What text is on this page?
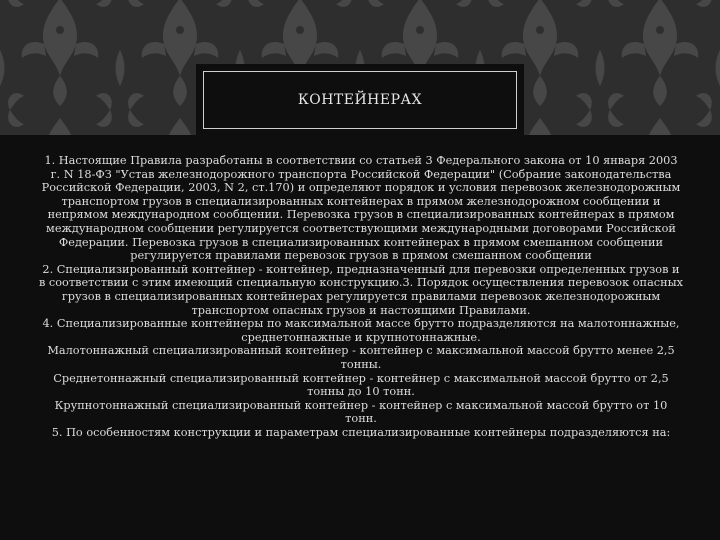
КОНТЕЙНЕРАХ

1. Настоящие Правила разработаны в соответствии со статьей 3 Федерального закона от 10 января 2003 г. N 18-ФЗ "Устав железнодорожного транспорта Российской Федерации" (Собрание законодательства Российской Федерации, 2003, N 2, ст.170) и определяют порядок и условия перевозок железнодорожным транспортом грузов в специализированных контейнерах в прямом железнодорожном сообщении и непрямом международном сообщении. Перевозка грузов в специализированных контейнерах в прямом международном сообщении регулируется соответствующими международными договорами Российской Федерации. Перевозка грузов в специализированных контейнерах в прямом смешанном сообщении регулируется правилами перевозок грузов в прямом смешанном сообщении

2. Специализированный контейнер - контейнер, предназначенный для перевозки определенных грузов и в соответствии с этим имеющий специальную конструкцию.3. Порядок осуществления перевозок опасных грузов в специализированных контейнерах регулируется правилами перевозок железнодорожным транспортом опасных грузов и настоящими Правилами.

4. Специализированные контейнеры по максимальной массе брутто подразделяются на малотоннажные, среднетоннажные и крупнотоннажные.

Малотоннажный специализированный контейнер - контейнер с максимальной массой брутто менее 2,5 тонны.

Среднетоннажный специализированный контейнер - контейнер с максимальной массой брутто от 2,5 тонны до 10 тонн.

Крупнотоннажный специализированный контейнер - контейнер с максимальной массой брутто от 10 тонн.

5. По особенностям конструкции и параметрам специализированные контейнеры подразделяются на:
